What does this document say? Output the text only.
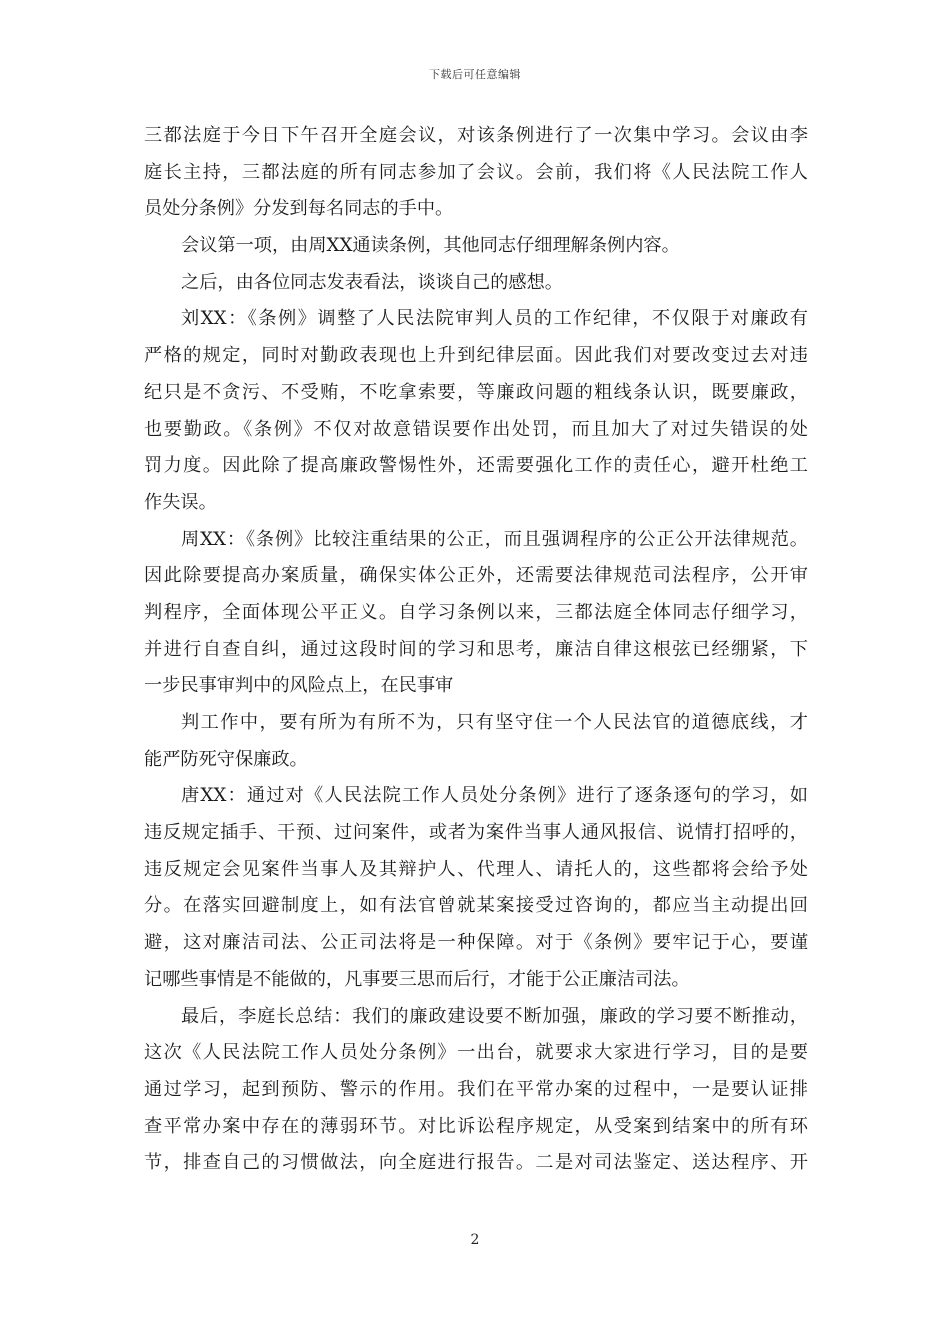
下载后可任意编辑
三都法庭于今日下午召开全庭会议，对该条例进行了一次集中学习。会议由李
庭长主持，三都法庭的所有同志参加了会议。会前，我们将《人民法院工作人
员处分条例》分发到每名同志的手中。
会议第一项，由周XX通读条例，其他同志仔细理解条例内容。
之后，由各位同志发表看法，谈谈自己的感想。
刘XX：《条例》调整了人民法院审判人员的工作纪律，不仅限于对廉政有
严格的规定，同时对勤政表现也上升到纪律层面。因此我们对要改变过去对违
纪只是不贪污、不受贿，不吃拿索要，等廉政问题的粗线条认识，既要廉政，
也要勤政。《条例》不仅对故意错误要作出处罚，而且加大了对过失错误的处
罚力度。因此除了提高廉政警惕性外，还需要强化工作的责任心，避开杜绝工
作失误。
周XX：《条例》比较注重结果的公正，而且强调程序的公正公开法律规范。
因此除要提高办案质量，确保实体公正外，还需要法律规范司法程序，公开审
判程序，全面体现公平正义。自学习条例以来，三都法庭全体同志仔细学习，
并进行自查自纠，通过这段时间的学习和思考，廉洁自律这根弦已经绷紧，下
一步民事审判中的风险点上，在民事审
判工作中，要有所为有所不为，只有坚守住一个人民法官的道德底线，才
能严防死守保廉政。
唐XX：通过对《人民法院工作人员处分条例》进行了逐条逐句的学习，如
违反规定插手、干预、过问案件，或者为案件当事人通风报信、说情打招呼的，
违反规定会见案件当事人及其辩护人、代理人、请托人的，这些都将会给予处
分。在落实回避制度上，如有法官曾就某案接受过咨询的，都应当主动提出回
避，这对廉洁司法、公正司法将是一种保障。对于《条例》要牢记于心，要谨
记哪些事情是不能做的，凡事要三思而后行，才能于公正廉洁司法。
最后，李庭长总结：我们的廉政建设要不断加强，廉政的学习要不断推动，
这次《人民法院工作人员处分条例》一出台，就要求大家进行学习，目的是要
通过学习，起到预防、警示的作用。我们在平常办案的过程中，一是要认证排
查平常办案中存在的薄弱环节。对比诉讼程序规定，从受案到结案中的所有环
节，排查自己的习惯做法，向全庭进行报告。二是对司法鉴定、送达程序、开
2
